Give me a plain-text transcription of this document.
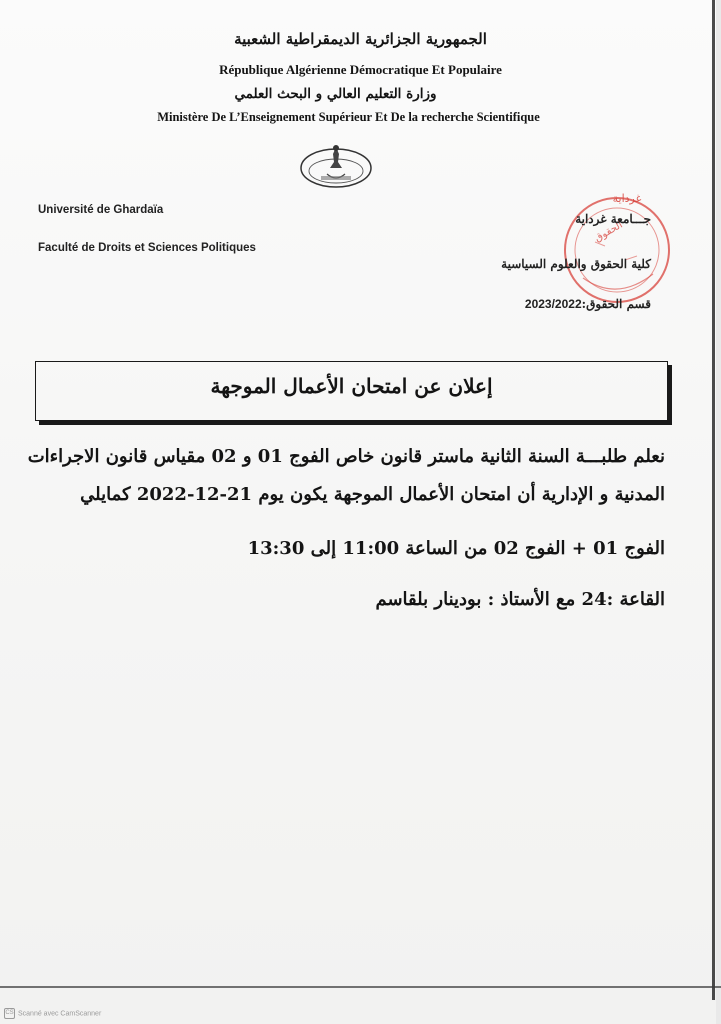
الجمهورية الجزائرية الديمقراطية الشعبية
République Algérienne Démocratique Et Populaire
وزارة التعليم العالي و البحث العلمي
Ministère De L’Enseignement Supérieur Et De la recherche Scientifique
Université de Ghardaïa
Faculté de Droits et Sciences Politiques
غرداية
الحقوق
جـــامعة غرداية
كلية الحقوق والعلوم السياسية
قسم الحقوق:2023/2022
إعلان عن امتحان الأعمال الموجهة
نعلم طلبـــة السنة الثانية ماستر قانون خاص الفوج 01 و 02 مقياس قانون الاجراءات
المدنية و الإدارية أن امتحان الأعمال الموجهة يكون يوم 21-12-2022 كمايلي
الفوج 01 + الفوج 02 من الساعة 11:00 إلى 13:30
القاعة :24 مع الأستاذ : بودينار بلقاسم
CS Scanné avec CamScanner
